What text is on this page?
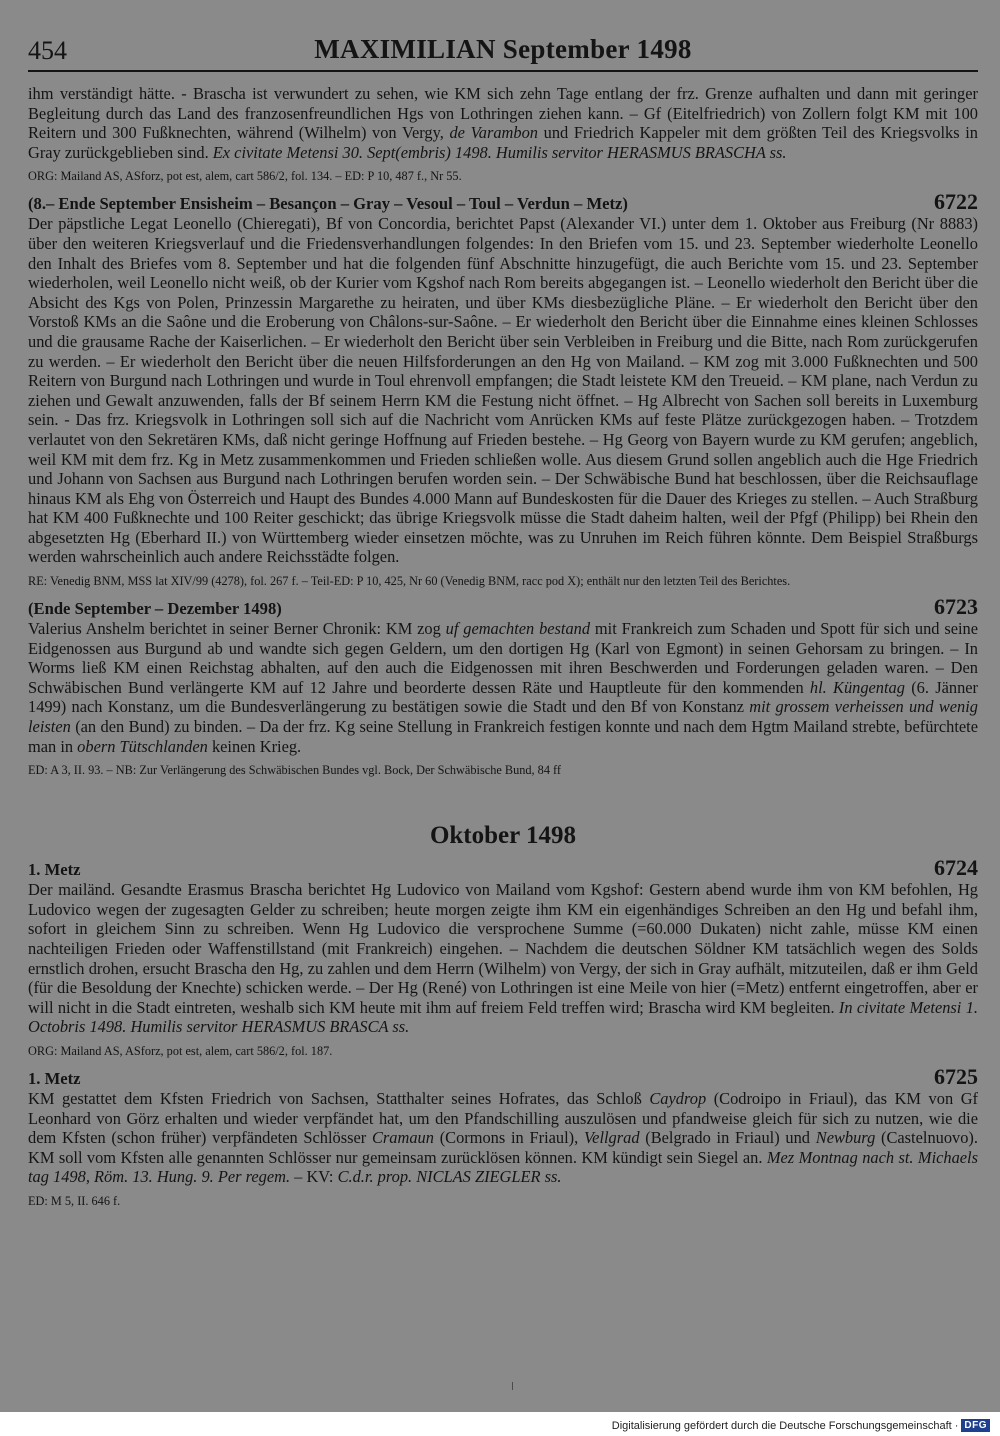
454	MAXIMILIAN September 1498

ihm verständigt hätte. - Brascha ist verwundert zu sehen, wie KM sich zehn Tage entlang der frz. Grenze aufhalten und dann mit geringer Begleitung durch das Land des franzosenfreundlichen Hgs von Lothringen ziehen kann. – Gf (Eitelfriedrich) von Zollern folgt KM mit 100 Reitern und 300 Fußknechten, während (Wilhelm) von Vergy, de Varambon und Friedrich Kappeler mit dem größten Teil des Kriegsvolks in Gray zurückgeblieben sind. Ex civitate Metensi 30. Sept(embris) 1498. Humilis servitor HERASMUS BRASCHA ss.

ORG: Mailand AS, ASforz, pot est, alem, cart 586/2, fol. 134. – ED: P 10, 487 f., Nr 55.
(8.– Ende September Ensisheim – Besançon – Gray – Vesoul – Toul – Verdun – Metz)	6722

Der päpstliche Legat Leonello (Chieregati), Bf von Concordia, berichtet Papst (Alexander VI.) unter dem 1. Oktober aus Freiburg (Nr 8883) über den weiteren Kriegsverlauf und die Friedensverhandlungen folgendes: In den Briefen vom 15. und 23. September wiederholte Leonello den Inhalt des Briefes vom 8. September und hat die folgenden fünf Abschnitte hinzugefügt, die auch Berichte vom 15. und 23. September wiederholen, weil Leonello nicht weiß, ob der Kurier vom Kgshof nach Rom bereits abgegangen ist. – Leonello wiederholt den Bericht über die Absicht des Kgs von Polen, Prinzessin Margarethe zu heiraten, und über KMs diesbezügliche Pläne. – Er wiederholt den Bericht über den Vorstoß KMs an die Saône und die Eroberung von Châlons-sur-Saône. – Er wiederholt den Bericht über die Einnahme eines kleinen Schlosses und die grausame Rache der Kaiserlichen. – Er wiederholt den Bericht über sein Verbleiben in Freiburg und die Bitte, nach Rom zurückgerufen zu werden. – Er wiederholt den Bericht über die neuen Hilfsforderungen an den Hg von Mailand. – KM zog mit 3.000 Fußknechten und 500 Reitern von Burgund nach Lothringen und wurde in Toul ehrenvoll empfangen; die Stadt leistete KM den Treueid. – KM plane, nach Verdun zu ziehen und Gewalt anzuwenden, falls der Bf seinem Herrn KM die Festung nicht öffnet. – Hg Albrecht von Sachen soll bereits in Luxemburg sein. - Das frz. Kriegsvolk in Lothringen soll sich auf die Nachricht vom Anrücken KMs auf feste Plätze zurückgezogen haben. – Trotzdem verlautet von den Sekretären KMs, daß nicht geringe Hoffnung auf Frieden bestehe. – Hg Georg von Bayern wurde zu KM gerufen; angeblich, weil KM mit dem frz. Kg in Metz zusammenkommen und Frieden schließen wolle. Aus diesem Grund sollen angeblich auch die Hge Friedrich und Johann von Sachsen aus Burgund nach Lothringen berufen worden sein. – Der Schwäbische Bund hat beschlossen, über die Reichsauflage hinaus KM als Ehg von Österreich und Haupt des Bundes 4.000 Mann auf Bundeskosten für die Dauer des Krieges zu stellen. – Auch Straßburg hat KM 400 Fußknechte und 100 Reiter geschickt; das übrige Kriegsvolk müsse die Stadt daheim halten, weil der Pfgf (Philipp) bei Rhein den abgesetzten Hg (Eberhard II.) von Württemberg wieder einsetzen möchte, was zu Unruhen im Reich führen könnte. Dem Beispiel Straßburgs werden wahrscheinlich auch andere Reichsstädte folgen.

RE: Venedig BNM, MSS lat XIV/99 (4278), fol. 267 f. – Teil-ED: P 10, 425, Nr 60 (Venedig BNM, racc pod X); enthält nur den letzten Teil des Berichtes.
(Ende September – Dezember 1498)	6723

Valerius Anshelm berichtet in seiner Berner Chronik: KM zog uf gemachten bestand mit Frankreich zum Schaden und Spott für sich und seine Eidgenossen aus Burgund ab und wandte sich gegen Geldern, um den dortigen Hg (Karl von Egmont) in seinen Gehorsam zu bringen. – In Worms ließ KM einen Reichstag abhalten, auf den auch die Eidgenossen mit ihren Beschwerden und Forderungen geladen waren. – Den Schwäbischen Bund verlängerte KM auf 12 Jahre und beorderte dessen Räte und Hauptleute für den kommenden hl. Küngentag (6. Jänner 1499) nach Konstanz, um die Bundesverlängerung zu bestätigen sowie die Stadt und den Bf von Konstanz mit grossem verheissen und wenig leisten (an den Bund) zu binden. – Da der frz. Kg seine Stellung in Frankreich festigen konnte und nach dem Hgtm Mailand strebte, befürchtete man in obern Tütschlanden keinen Krieg.

ED: A 3, II. 93. – NB: Zur Verlängerung des Schwäbischen Bundes vgl. Bock, Der Schwäbische Bund, 84 ff
Oktober 1498
1. Metz	6724

Der mailänd. Gesandte Erasmus Brascha berichtet Hg Ludovico von Mailand vom Kgshof: Gestern abend wurde ihm von KM befohlen, Hg Ludovico wegen der zugesagten Gelder zu schreiben; heute morgen zeigte ihm KM ein eigenhändiges Schreiben an den Hg und befahl ihm, sofort in gleichem Sinn zu schreiben. Wenn Hg Ludovico die versprochene Summe (=60.000 Dukaten) nicht zahle, müsse KM einen nachteiligen Frieden oder Waffenstillstand (mit Frankreich) eingehen. – Nachdem die deutschen Söldner KM tatsächlich wegen des Solds ernstlich drohen, ersucht Brascha den Hg, zu zahlen und dem Herrn (Wilhelm) von Vergy, der sich in Gray aufhält, mitzuteilen, daß er ihm Geld (für die Besoldung der Knechte) schicken werde. – Der Hg (René) von Lothringen ist eine Meile von hier (=Metz) entfernt eingetroffen, aber er will nicht in die Stadt eintreten, weshalb sich KM heute mit ihm auf freiem Feld treffen wird; Brascha wird KM begleiten. In civitate Metensi 1. Octobris 1498. Humilis servitor HERASMUS BRASCA ss.

ORG: Mailand AS, ASforz, pot est, alem, cart 586/2, fol. 187.
1. Metz	6725

KM gestattet dem Kfsten Friedrich von Sachsen, Statthalter seines Hofrates, das Schloß Caydrop (Codroipo in Friaul), das KM von Gf Leonhard von Görz erhalten und wieder verpfändet hat, um den Pfandschilling auszulösen und pfandweise gleich für sich zu nutzen, wie die dem Kfsten (schon früher) verpfändeten Schlösser Cramaun (Cormons in Friaul), Vellgrad (Belgrado in Friaul) und Newburg (Castelnuovo). KM soll vom Kfsten alle genannten Schlösser nur gemeinsam zurücklösen können. KM kündigt sein Siegel an. Mez Montnag nach st. Michaels tag 1498, Röm. 13. Hung. 9. Per regem. – KV: C.d.r. prop. NICLAS ZIEGLER ss.

ED: M 5, II. 646 f.
Digitalisierung gefördert durch die Deutsche Forschungsgemeinschaft · DFG
